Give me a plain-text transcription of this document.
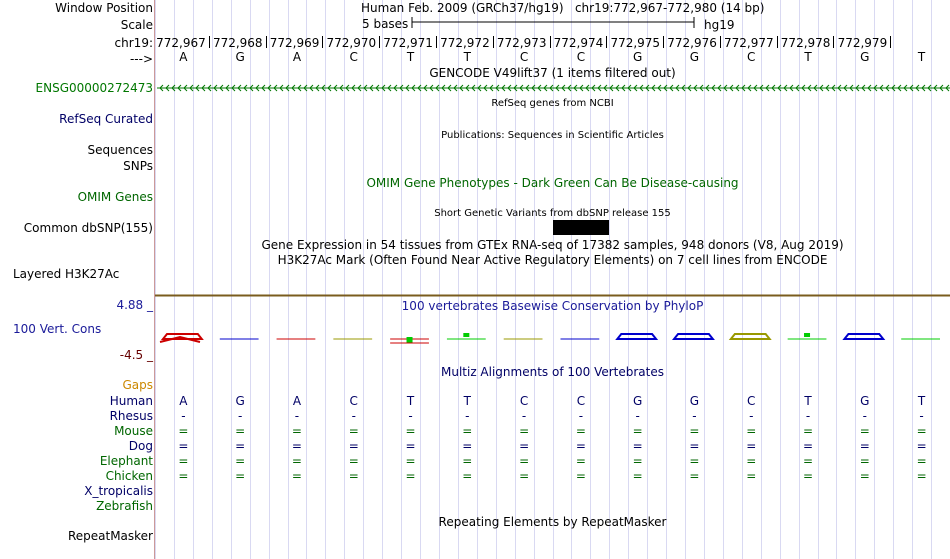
Window Position	Human Feb. 2009 (GRCh37/hg19)   chr19:772,967-772,980 (14 bp)
Scale	5 bases	hg19
chr19:
--->
772,967 772,968 772,969 772,970 772,971 772,972 772,973 772,974 772,975 772,976 772,977 772,978 772,979
A	G	A	C	T	T	C	C	G	G	C	T	G	T
GENCODE V49lift37 (1 items filtered out)
ENSG00000272473
RefSeq genes from NCBI
RefSeq Curated
Publications: Sequences in Scientific Articles
Sequences
SNPs
OMIM Gene Phenotypes - Dark Green Can Be Disease-causing
OMIM Genes
Short Genetic Variants from dbSNP release 155
Common dbSNP(155)
Gene Expression in 54 tissues from GTEx RNA-seq of 17382 samples, 948 donors (V8, Aug 2019)
H3K27Ac Mark (Often Found Near Active Regulatory Elements) on 7 cell lines from ENCODE
Layered H3K27Ac
100 vertebrates Basewise Conservation by PhyloP
4.88 _
100 Vert. Cons
-4.5 _
Multiz Alignments of 100 Vertebrates
Gaps
Human	A	G	A	C	T	T	C	C	G	G	C	T	G	T
Rhesus	-	-	-	-	-	-	-	-	-	-	-	-	-	-
Mouse	=	=	=	=	=	=	=	=	=	=	=	=	=	=
Dog	=	=	=	=	=	=	=	=	=	=	=	=	=	=
Elephant	=	=	=	=	=	=	=	=	=	=	=	=	=	=
Chicken	=	=	=	=	=	=	=	=	=	=	=	=	=	=
X_tropicalis
Zebrafish
Repeating Elements by RepeatMasker
RepeatMasker
